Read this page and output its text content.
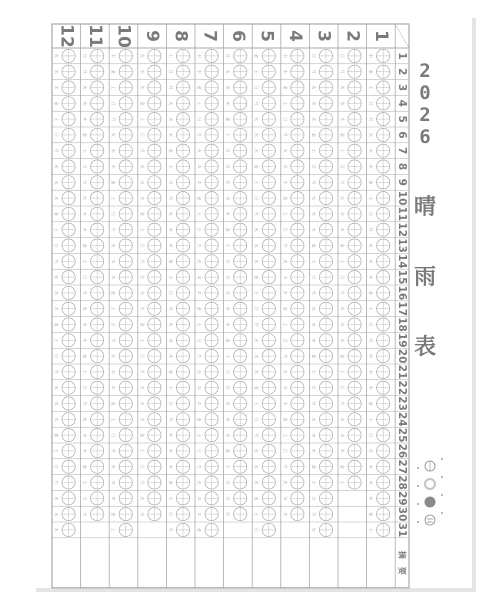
1
2
3
4
5
6
7
8
9
10
11
12
1
2
3
4
5
6
7
8
9
10
11
12
13
14
15
16
17
18
19
20
21
22
23
24
25
26
27
28
29
30
31
摘　要
木
金
土
日
月
火
水
木
金
土
日
月
火
水
木
金
土
日
月
火
水
木
金
土
日
月
火
水
木
金
土
日
月
火
水
木
金
土
日
月
火
水
木
金
土
日
月
火
水
木
金
土
日
月
火
水
木
金
土
日
月
火
水
木
金
土
日
月
火
水
木
金
土
日
月
火
水
木
金
土
日
月
火
水
木
金
土
日
月
火
水
木
金
土
日
月
火
水
木
金
土
日
月
火
水
木
金
土
日
月
火
水
木
金
土
日
月
火
水
木
金
土
日
月
火
水
木
金
土
日
月
火
水
木
金
土
日
月
火
水
木
金
土
日
月
火
水
木
金
土
日
月
火
水
木
金
土
日
月
火
水
木
金
土
日
月
火
水
木
金
土
日
月
火
水
木
金
土
日
月
火
水
木
金
土
日
月
火
水
木
金
土
日
月
火
水
木
金
土
日
月
火
水
木
金
土
日
月
火
水
木
金
土
日
月
火
水
木
金
土
日
月
火
水
木
金
土
日
月
火
水
木
金
土
日
月
火
水
木
金
土
日
月
火
水
木
金
土
日
月
火
水
木
金
土
日
月
火
水
木
金
土
日
月
火
水
木
金
土
日
月
火
水
木
金
土
日
月
火
水
木
金
土
日
月
火
水
木
金
土
日
月
火
水
木
金
土
日
月
火
水
木
金
土
日
月
火
水
木
金
土
日
月
火
水
木
金
土
日
月
火
水
木
金
土
日
月
火
水
木
金
土
日
月
火
水
木
金
土
日
月
火
水
木
金
土
日
月
火
水
木
金
土
日
月
火
水
木
金
土
日
月
火
水
木
2
0
2
6
晴
雨
表
